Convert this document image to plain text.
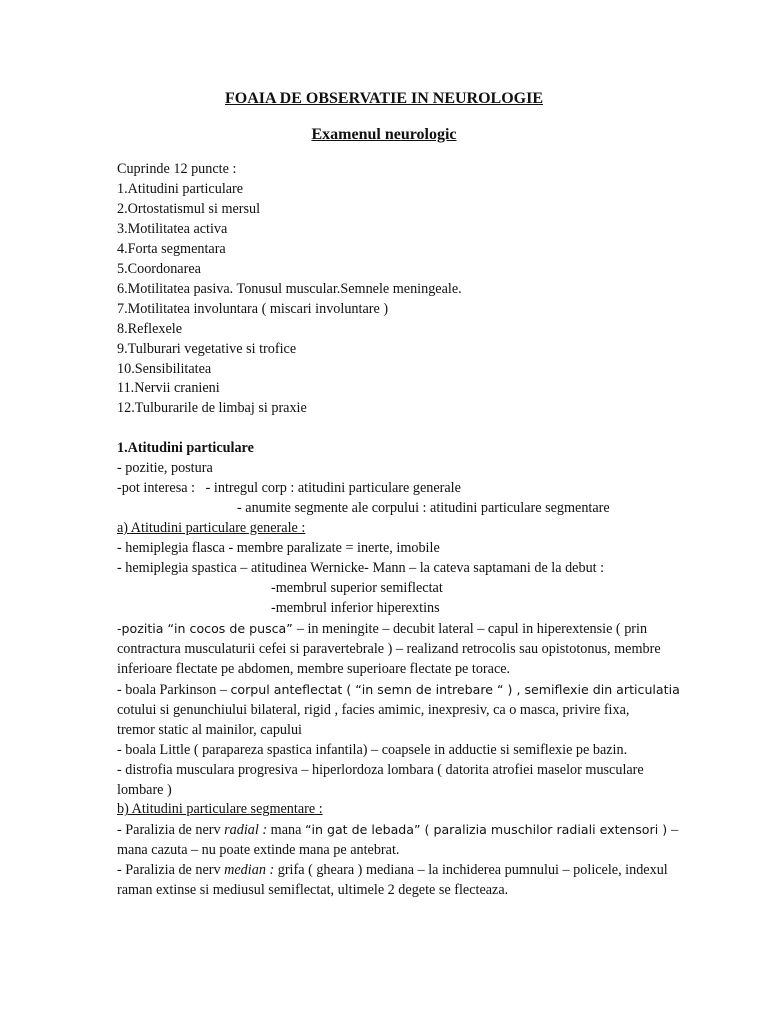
FOAIA DE OBSERVATIE IN NEUROLOGIE
Examenul neurologic
Cuprinde 12 puncte :
1.Atitudini particulare
2.Ortostatismul si mersul
3.Motilitatea activa
4.Forta segmentara
5.Coordonarea
6.Motilitatea pasiva. Tonusul muscular.Semnele meningeale.
7.Motilitatea involuntara ( miscari involuntare )
8.Reflexele
9.Tulburari vegetative si trofice
10.Sensibilitatea
11.Nervii cranieni
12.Tulburarile de limbaj si praxie
1.Atitudini particulare
- pozitie, postura
-pot interesa : - intregul corp : atitudini particulare generale
- anumite segmente ale corpului : atitudini particulare segmentare
a) Atitudini particulare generale :
- hemiplegia flasca - membre paralizate = inerte, imobile
- hemiplegia spastica – atitudinea Wernicke- Mann – la cateva saptamani de la debut :
-membrul superior semiflectat
-membrul inferior hiperextins
-pozitia “in cocos de pusca” – in meningite – decubit lateral – capul in hiperextensie ( prin
contractura musculaturii cefei si paravertebrale ) – realizand retrocolis sau opistotonus, membre
inferioare flectate pe abdomen, membre superioare flectate pe torace.
- boala Parkinson – corpul anteflectat ( “in semn de intrebare “ ) , semiflexie din articulatia
cotului si genunchiului bilateral, rigid , facies amimic, inexpresiv, ca o masca, privire fixa,
tremor static al mainilor, capului
- boala Little ( parapareza spastica infantila) – coapsele in adductie si semiflexie pe bazin.
- distrofia musculara progresiva – hiperlordoza lombara ( datorita atrofiei maselor musculare
lombare )
b) Atitudini particulare segmentare :
- Paralizia de nerv radial : mana “in gat de lebada” ( paralizia muschilor radiali extensori ) –
mana cazuta – nu poate extinde mana pe antebrat.
- Paralizia de nerv median : grifa ( gheara ) mediana – la inchiderea pumnului – policele, indexul
raman extinse si mediusul semiflectat, ultimele 2 degete se flecteaza.
